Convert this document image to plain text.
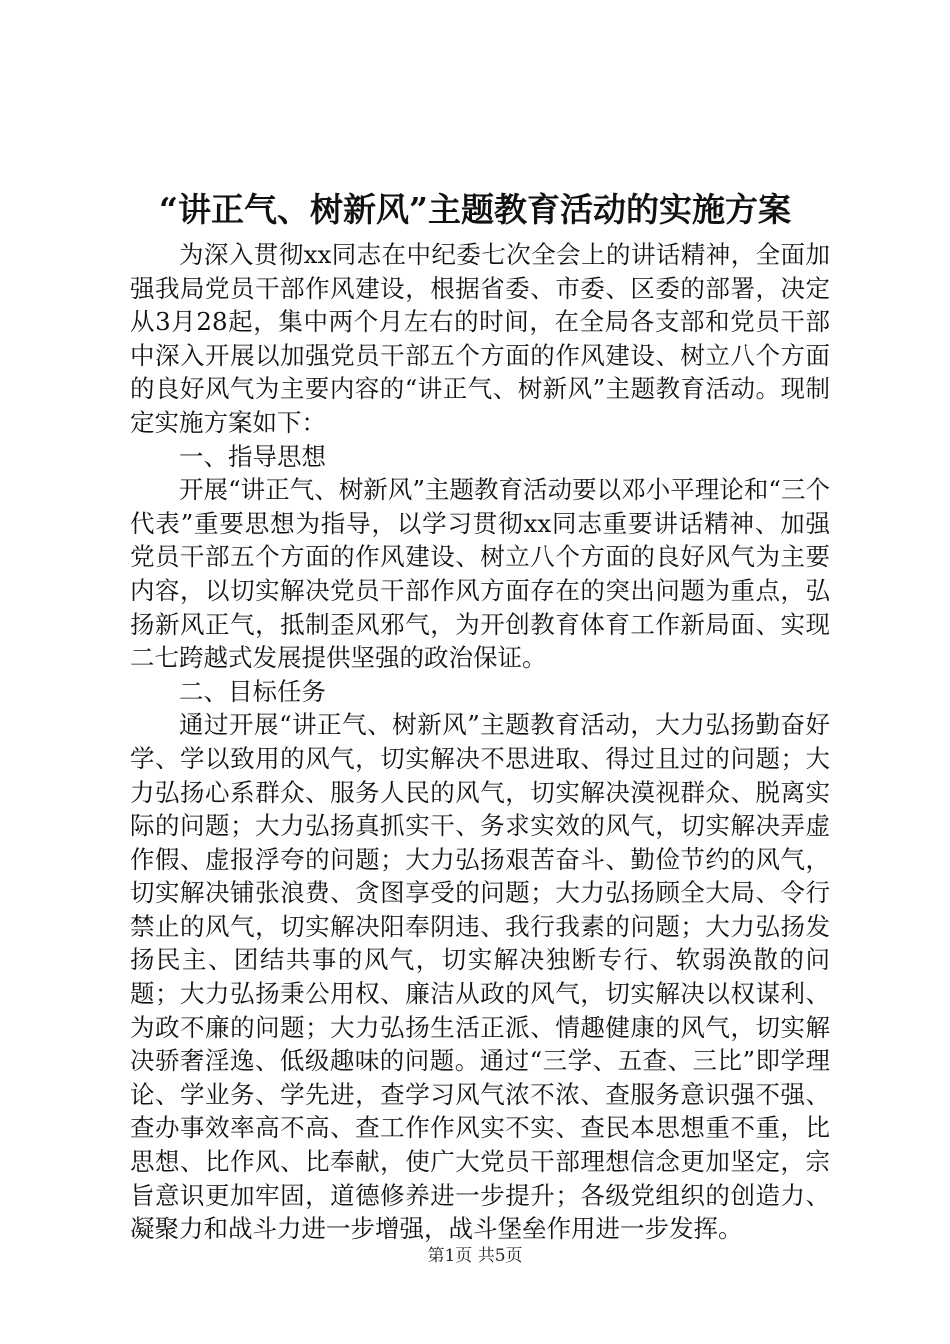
“讲正气、树新风”主题教育活动的实施方案

为深入贯彻xx同志在中纪委七次全会上的讲话精神，全面加强我局党员干部作风建设，根据省委、市委、区委的部署，决定从3月28起，集中两个月左右的时间，在全局各支部和党员干部中深入开展以加强党员干部五个方面的作风建设、树立八个方面的良好风气为主要内容的“讲正气、树新风”主题教育活动。现制定实施方案如下：

一、指导思想

开展“讲正气、树新风”主题教育活动要以邓小平理论和“三个代表”重要思想为指导，以学习贯彻xx同志重要讲话精神、加强党员干部五个方面的作风建设、树立八个方面的良好风气为主要内容，以切实解决党员干部作风方面存在的突出问题为重点，弘扬新风正气，抵制歪风邪气，为开创教育体育工作新局面、实现二七跨越式发展提供坚强的政治保证。

二、目标任务

通过开展“讲正气、树新风”主题教育活动，大力弘扬勤奋好学、学以致用的风气，切实解决不思进取、得过且过的问题；大力弘扬心系群众、服务人民的风气，切实解决漠视群众、脱离实际的问题；大力弘扬真抓实干、务求实效的风气，切实解决弄虚作假、虚报浮夸的问题；大力弘扬艰苦奋斗、勤俭节约的风气，切实解决铺张浪费、贪图享受的问题；大力弘扬顾全大局、令行禁止的风气，切实解决阳奉阴违、我行我素的问题；大力弘扬发扬民主、团结共事的风气，切实解决独断专行、软弱涣散的问题；大力弘扬秉公用权、廉洁从政的风气，切实解决以权谋利、为政不廉的问题；大力弘扬生活正派、情趣健康的风气，切实解决骄奢淫逸、低级趣味的问题。通过“三学、五查、三比”即学理论、学业务、学先进，查学习风气浓不浓、查服务意识强不强、查办事效率高不高、查工作作风实不实、查民本思想重不重，比思想、比作风、比奉献，使广大党员干部理想信念更加坚定，宗旨意识更加牢固，道德修养进一步提升；各级党组织的创造力、凝聚力和战斗力进一步增强，战斗堡垒作用进一步发挥。

第1页 共5页
